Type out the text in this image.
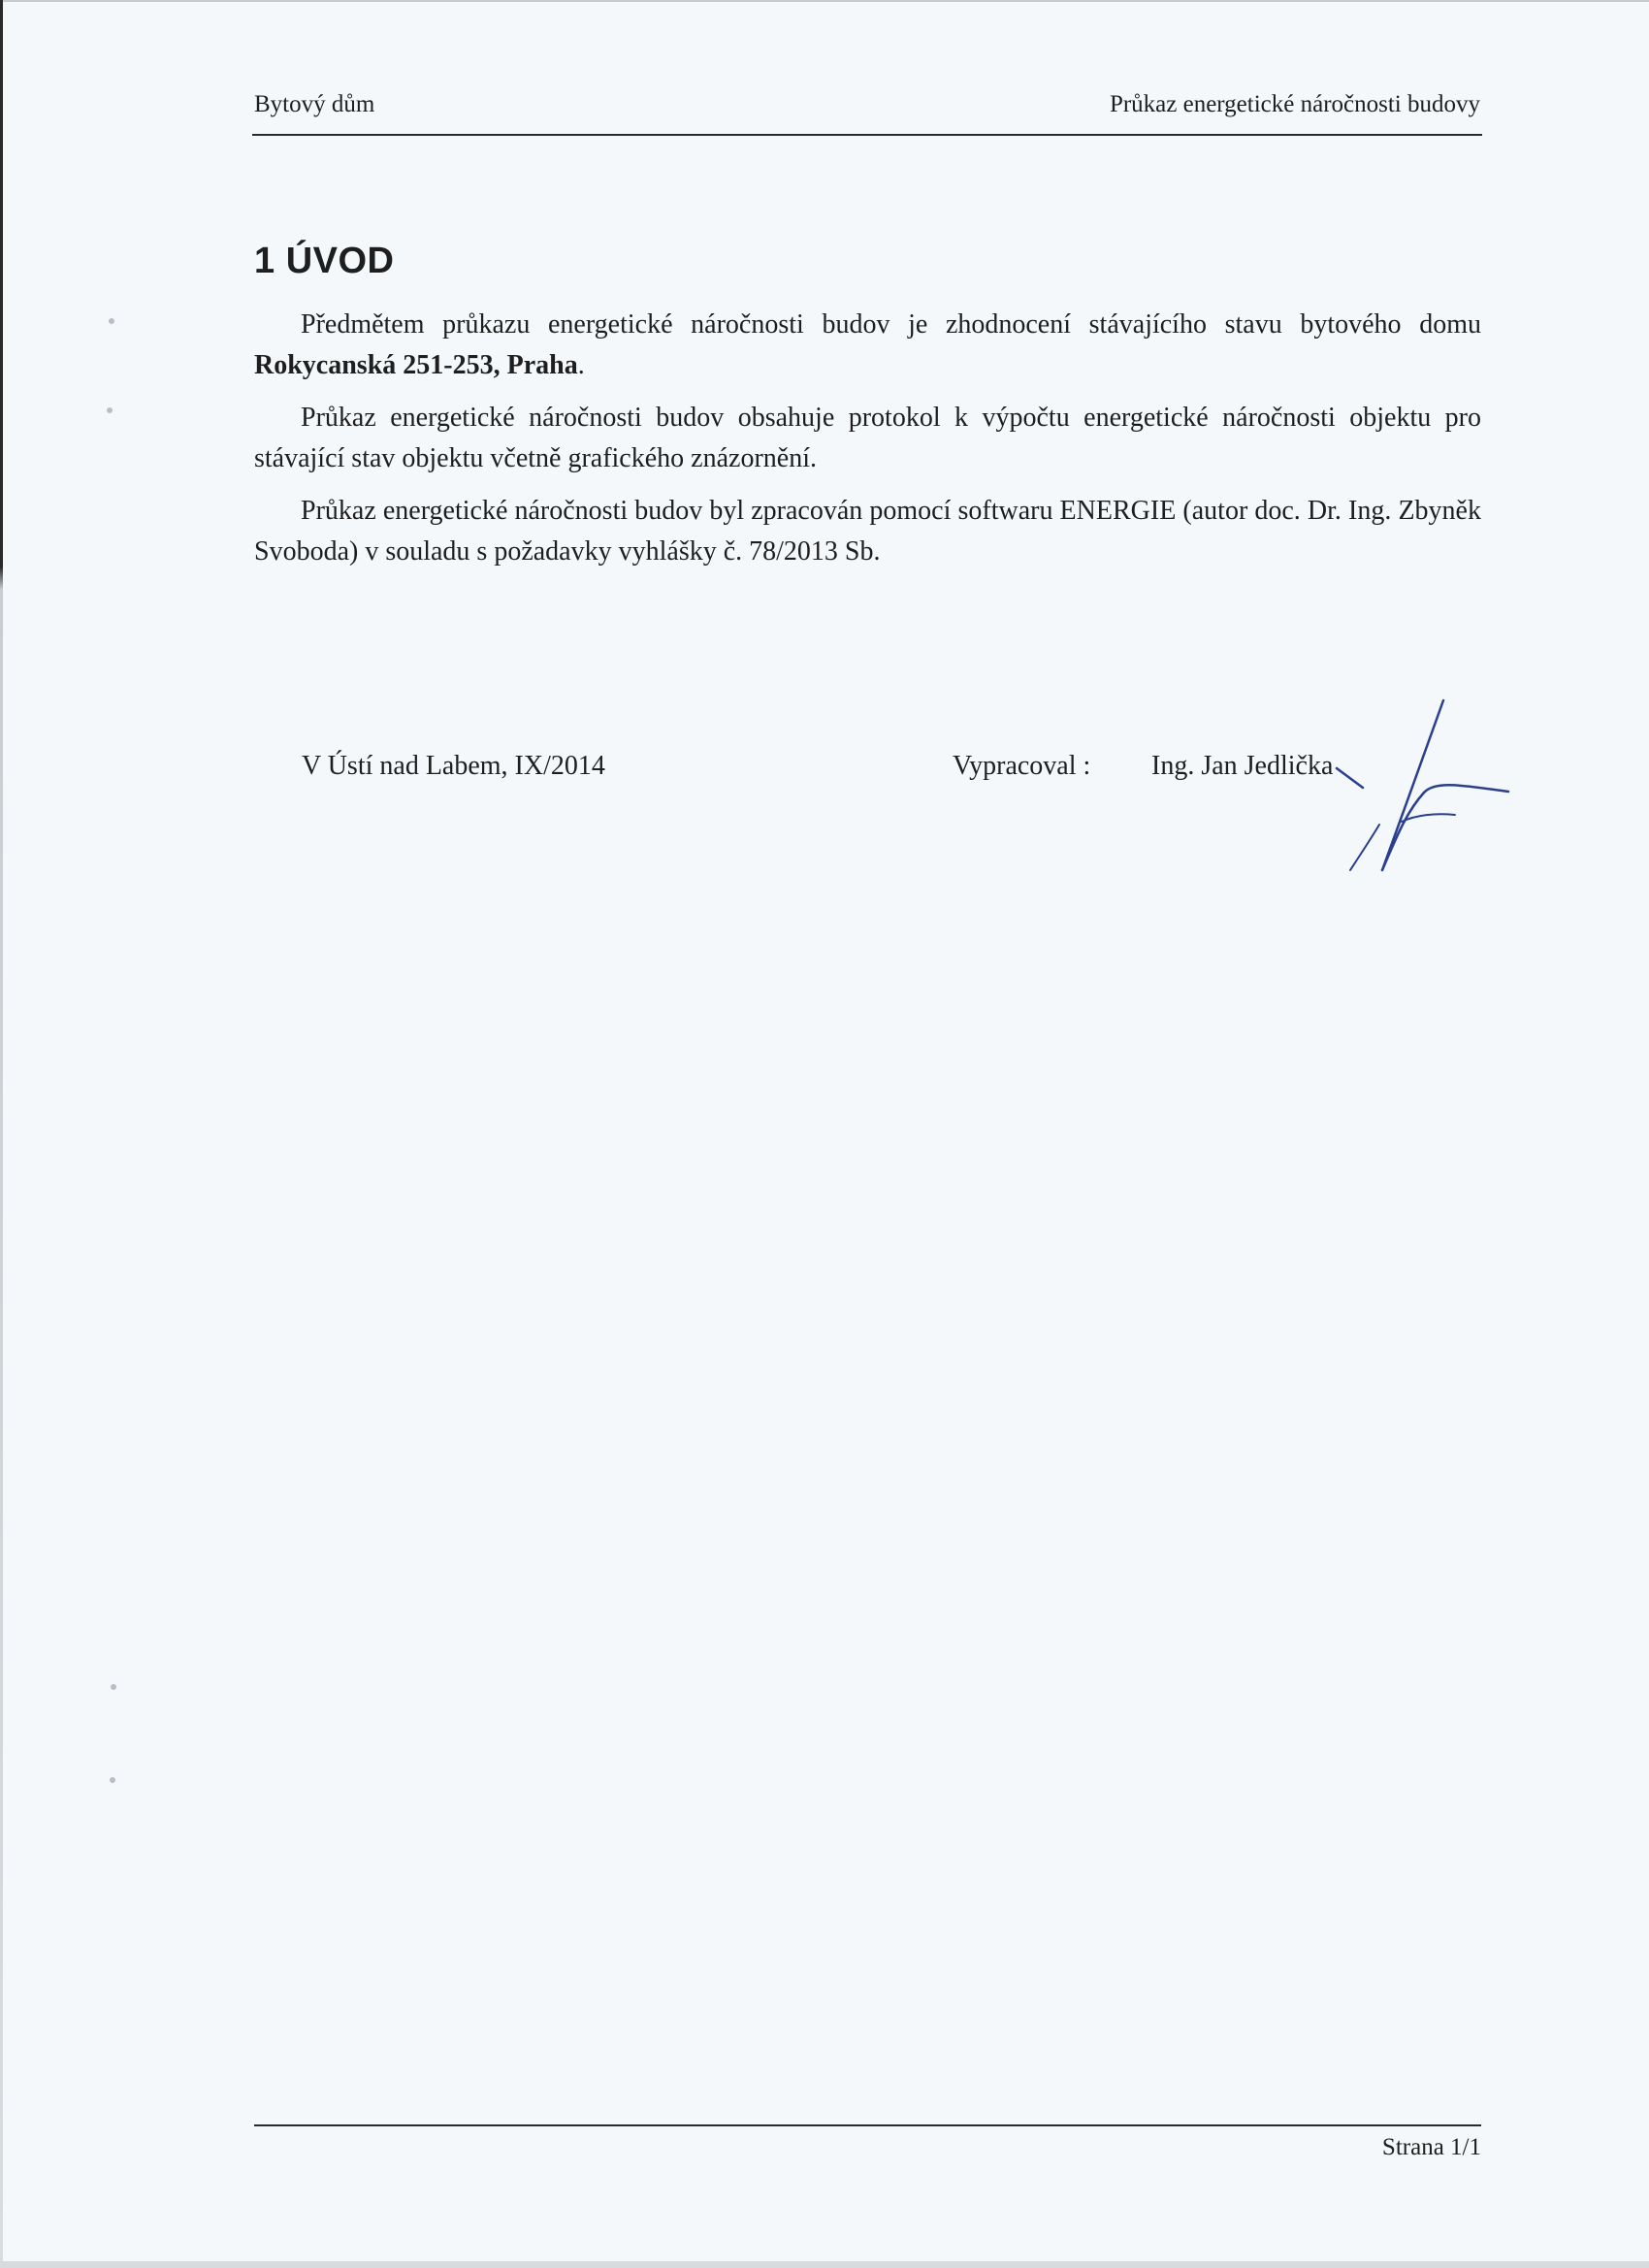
Bytový dům	Průkaz energetické náročnosti budovy
1 ÚVOD

Předmětem průkazu energetické náročnosti budov je zhodnocení stávajícího stavu bytového domu Rokycanská 251-253, Praha.

Průkaz energetické náročnosti budov obsahuje protokol k výpočtu energetické náročnosti objektu pro stávající stav objektu včetně grafického znázornění.

Průkaz energetické náročnosti budov byl zpracován pomocí softwaru ENERGIE (autor doc. Dr. Ing. Zbyněk Svoboda) v souladu s požadavky vyhlášky č. 78/2013 Sb.

V Ústí nad Labem, IX/2014	Vypracoval : Ing. Jan Jedlička
Strana 1/1
